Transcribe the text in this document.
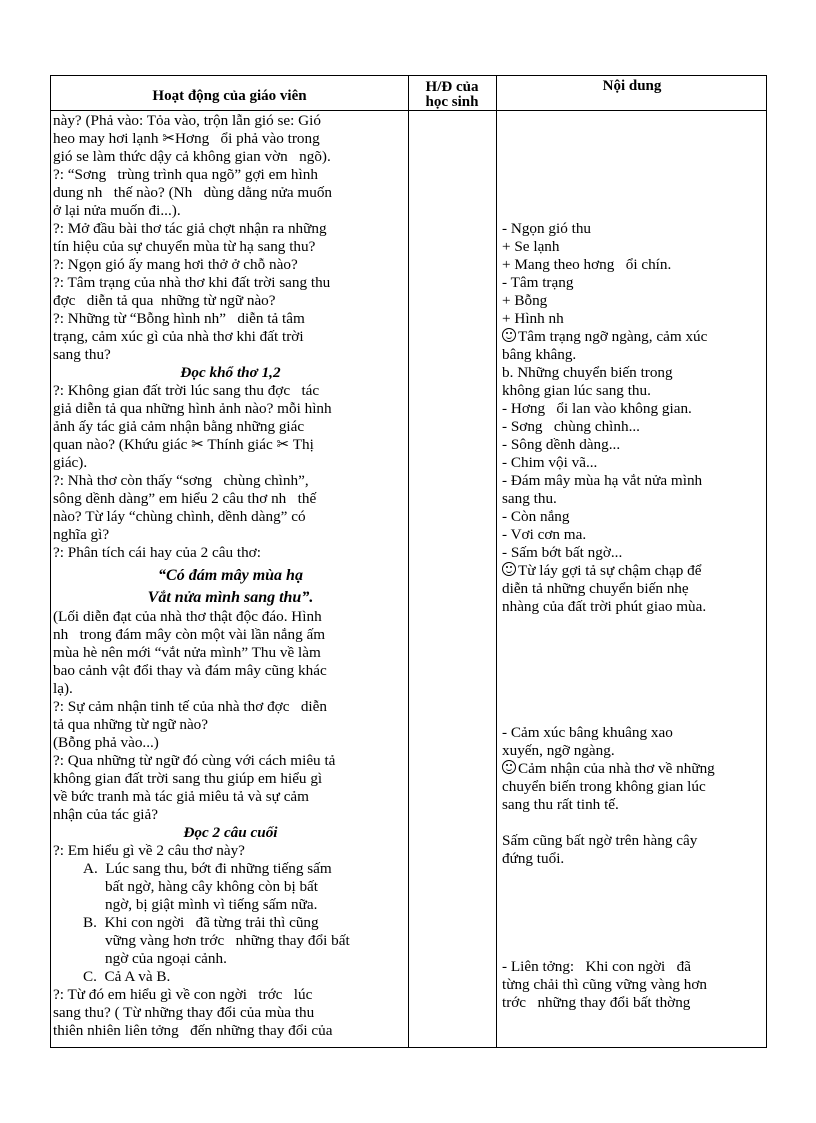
Hoạt động của giáo viên
H/Đ của
học sinh
Nội dung
này? (Phả vào: Tỏa vào, trộn lẫn gió se: Gió
heo may hơi lạnh ✂Hơng   ổi phả vào trong
gió se làm thức dậy cả không gian vờn   ngõ).
?: “Sơng   trùng trình qua ngõ” gợi em hình
dung nh   thế nào? (Nh   dùng dằng nửa muốn
ở lại nửa muốn đi...).
?: Mở đầu bài thơ tác giả chợt nhận ra những
tín hiệu của sự chuyển mùa từ hạ sang thu?
?: Ngọn gió ấy mang hơi thở ở chỗ nào?
?: Tâm trạng của nhà thơ khi đất trời sang thu
đợc   diễn tả qua  những từ ngữ nào?
?: Những từ “Bỗng hình nh”   diễn tả tâm
trạng, cảm xúc gì của nhà thơ khi đất trời
sang thu?
Đọc khổ thơ 1,2
?: Không gian đất trời lúc sang thu đợc   tác
giả diễn tả qua những hình ảnh nào? mỗi hình
ảnh ấy tác giả cảm nhận bằng những giác
quan nào? (Khứu giác ✂ Thính giác ✂ Thị
giác).
?: Nhà thơ còn thấy “sơng   chùng chình”,
sông dềnh dàng” em hiểu 2 câu thơ nh   thế
nào? Từ láy “chùng chình, dềnh dàng” có
nghĩa gì?
?: Phân tích cái hay của 2 câu thơ:
“Có đám mây mùa hạ
Vắt nửa mình sang thu”.
(Lối diễn đạt của nhà thơ thật độc đáo. Hình
nh   trong đám mây còn một vài lần nắng ấm
mùa hè nên mới “vắt nửa mình” Thu về làm
bao cảnh vật đổi thay và đám mây cũng khác
lạ).
?: Sự cảm nhận tinh tế của nhà thơ đợc   diễn
tả qua những từ ngữ nào?
(Bỗng phả vào...)
?: Qua những từ ngữ đó cùng với cách miêu tả
không gian đất trời sang thu giúp em hiểu gì
về bức tranh mà tác giả miêu tả và sự cảm
nhận của tác giả?
Đọc 2 câu cuối
?: Em hiểu gì về 2 câu thơ này?
A.  Lúc sang thu, bớt đi những tiếng sấm
bất ngờ, hàng cây không còn bị bất
ngờ, bị giật mình vì tiếng sấm nữa.
B.  Khi con ngời   đã từng trải thì cũng
vững vàng hơn trớc   những thay đổi bất
ngờ của ngoại cảnh.
C.  Cả A và B.
?: Từ đó em hiểu gì về con ngời   trớc   lúc
sang thu? ( Từ những thay đổi của mùa thu
thiên nhiên liên tởng   đến những thay đổi của
- Ngọn gió thu
+ Se lạnh
+ Mang theo hơng   ổi chín.
- Tâm trạng
+ Bỗng
+ Hình nh
Tâm trạng ngỡ ngàng, cảm xúc
bâng khâng.
b. Những chuyển biến trong
không gian lúc sang thu.
- Hơng   ổi lan vào không gian.
- Sơng   chùng chình...
- Sông dềnh dàng...
- Chim vội vã...
- Đám mây mùa hạ vắt nửa mình
sang thu.
- Còn nắng
- Vơi cơn ma.
- Sấm bớt bất ngờ...
Từ láy gợi tả sự chậm chạp để
diễn tả những chuyển biến nhẹ
nhàng của đất trời phút giao mùa.
- Cảm xúc bâng khuâng xao
xuyến, ngỡ ngàng.
Cảm nhận của nhà thơ về những
chuyển biến trong không gian lúc
sang thu rất tinh tế.
Sấm cũng bất ngờ trên hàng cây
đứng tuổi.
- Liên tởng:   Khi con ngời   đã
từng chải thì cũng vững vàng hơn
trớc   những thay đổi bất thờng
